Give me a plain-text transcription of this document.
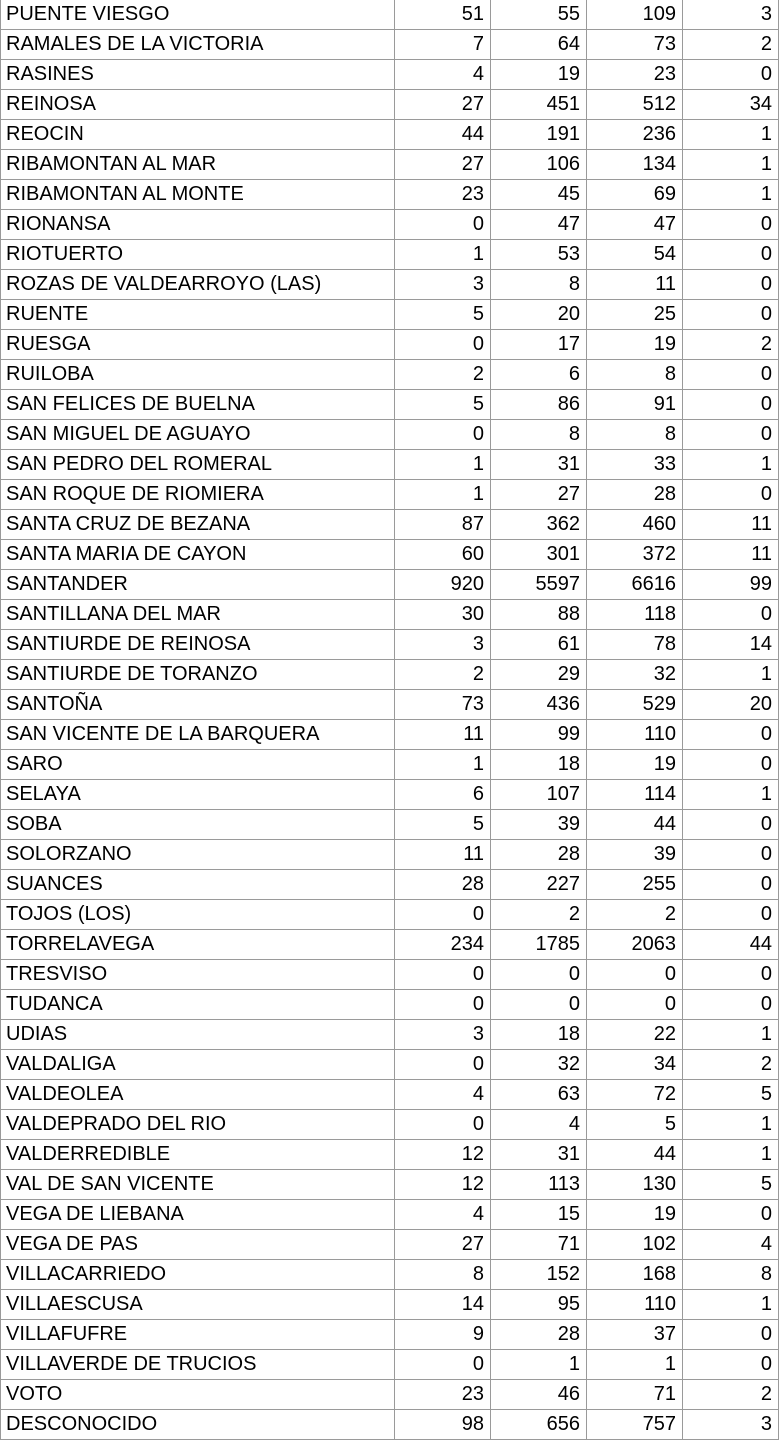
PUENTE VIESGO	51	55	109	3
RAMALES DE LA VICTORIA	7	64	73	2
RASINES	4	19	23	0
REINOSA	27	451	512	34
REOCIN	44	191	236	1
RIBAMONTAN AL MAR	27	106	134	1
RIBAMONTAN AL MONTE	23	45	69	1
RIONANSA	0	47	47	0
RIOTUERTO	1	53	54	0
ROZAS DE VALDEARROYO (LAS)	3	8	11	0
RUENTE	5	20	25	0
RUESGA	0	17	19	2
RUILOBA	2	6	8	0
SAN FELICES DE BUELNA	5	86	91	0
SAN MIGUEL DE AGUAYO	0	8	8	0
SAN PEDRO DEL ROMERAL	1	31	33	1
SAN ROQUE DE RIOMIERA	1	27	28	0
SANTA CRUZ DE BEZANA	87	362	460	11
SANTA MARIA DE CAYON	60	301	372	11
SANTANDER	920	5597	6616	99
SANTILLANA DEL MAR	30	88	118	0
SANTIURDE DE REINOSA	3	61	78	14
SANTIURDE DE TORANZO	2	29	32	1
SANTOÑA	73	436	529	20
SAN VICENTE DE LA BARQUERA	11	99	110	0
SARO	1	18	19	0
SELAYA	6	107	114	1
SOBA	5	39	44	0
SOLORZANO	11	28	39	0
SUANCES	28	227	255	0
TOJOS (LOS)	0	2	2	0
TORRELAVEGA	234	1785	2063	44
TRESVISO	0	0	0	0
TUDANCA	0	0	0	0
UDIAS	3	18	22	1
VALDALIGA	0	32	34	2
VALDEOLEA	4	63	72	5
VALDEPRADO DEL RIO	0	4	5	1
VALDERREDIBLE	12	31	44	1
VAL DE SAN VICENTE	12	113	130	5
VEGA DE LIEBANA	4	15	19	0
VEGA DE PAS	27	71	102	4
VILLACARRIEDO	8	152	168	8
VILLAESCUSA	14	95	110	1
VILLAFUFRE	9	28	37	0
VILLAVERDE DE TRUCIOS	0	1	1	0
VOTO	23	46	71	2
DESCONOCIDO	98	656	757	3
